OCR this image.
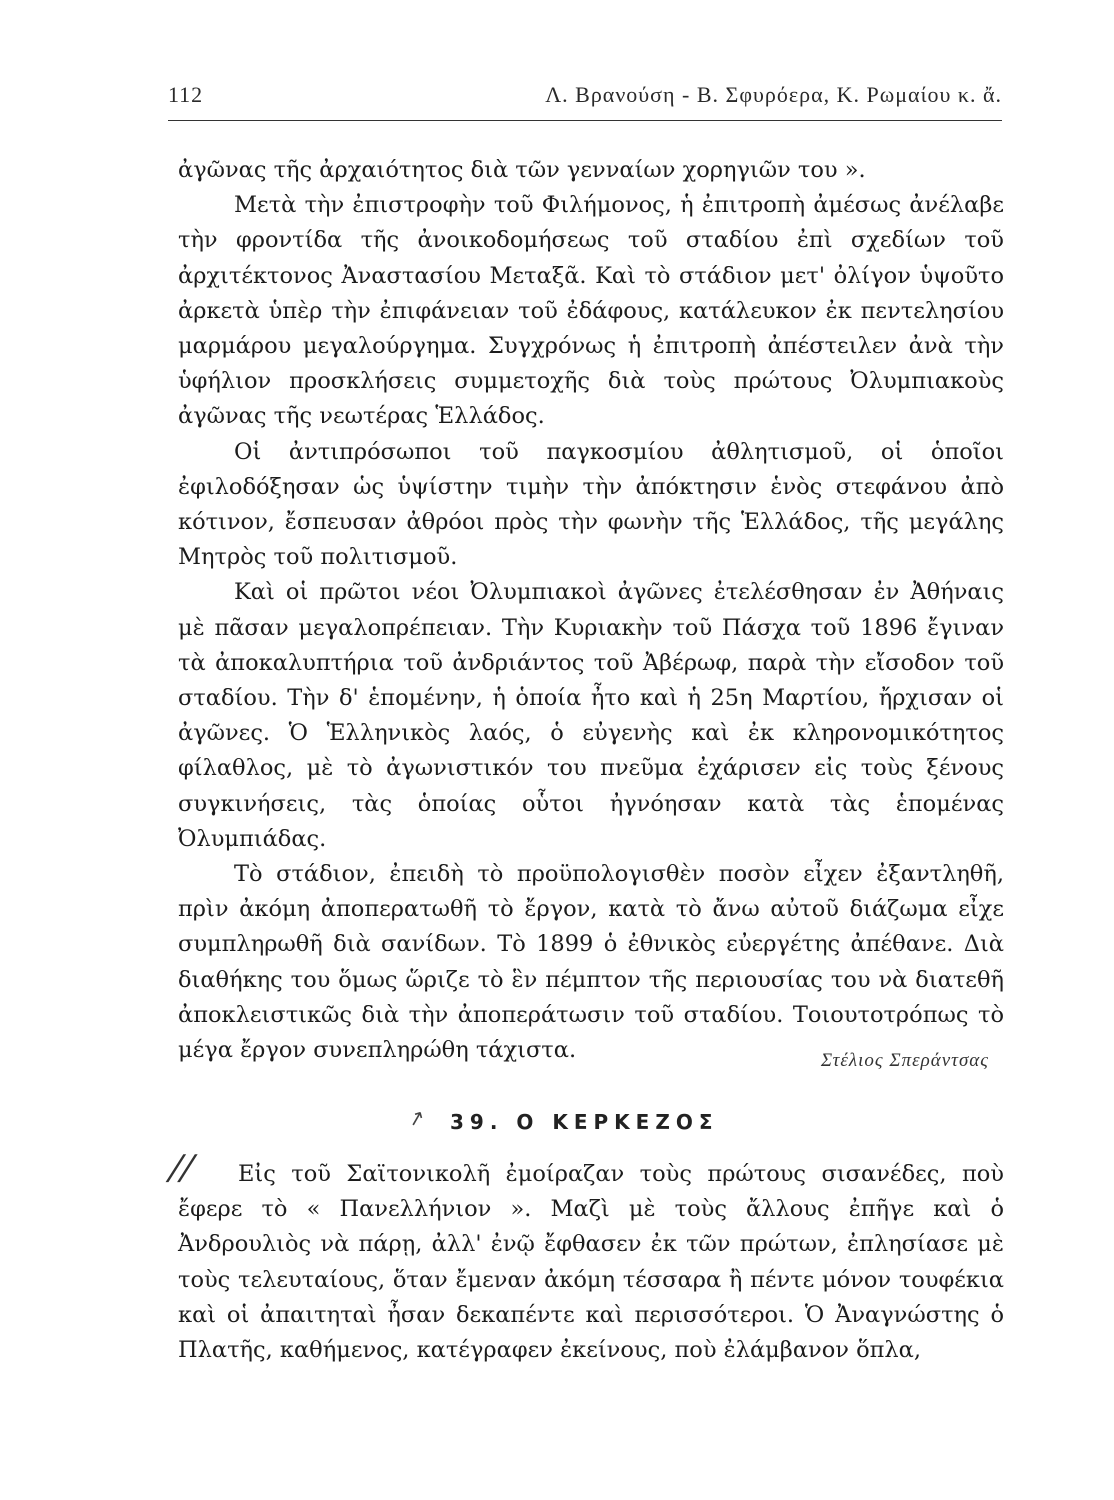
112	Λ. Βρανούση - Β. Σφυρόερα, Κ. Ρωμαίου κ. ἄ.

ἀγῶνας τῆς ἀρχαιότητος διὰ τῶν γενναίων χορηγιῶν του ».

Μετὰ τὴν ἐπιστροφὴν τοῦ Φιλήμονος, ἡ ἐπιτροπὴ ἀμέσως ἀνέλαβε τὴν φροντίδα τῆς ἀνοικοδομήσεως τοῦ σταδίου ἐπὶ σχεδίων τοῦ ἀρχιτέκτονος Ἀναστασίου Μεταξᾶ. Καὶ τὸ στάδιον μετ' ὀλίγον ὑψοῦτο ἀρκετὰ ὑπὲρ τὴν ἐπιφάνειαν τοῦ ἐδάφους, κατάλευκον ἐκ πεντελησίου μαρμάρου μεγαλούργημα. Συγχρόνως ἡ ἐπιτροπὴ ἀπέστειλεν ἀνὰ τὴν ὑφήλιον προσκλήσεις συμμετοχῆς διὰ τοὺς πρώτους Ὀλυμπιακοὺς ἀγῶνας τῆς νεωτέρας Ἑλλάδος.

Οἱ ἀντιπρόσωποι τοῦ παγκοσμίου ἀθλητισμοῦ, οἱ ὁποῖοι ἐφιλοδόξησαν ὡς ὑψίστην τιμὴν τὴν ἀπόκτησιν ἑνὸς στεφάνου ἀπὸ κότινον, ἔσπευσαν ἀθρόοι πρὸς τὴν φωνὴν τῆς Ἑλλάδος, τῆς μεγάλης Μητρὸς τοῦ πολιτισμοῦ.

Καὶ οἱ πρῶτοι νέοι Ὀλυμπιακοὶ ἀγῶνες ἐτελέσθησαν ἐν Ἀθήναις μὲ πᾶσαν μεγαλοπρέπειαν. Τὴν Κυριακὴν τοῦ Πάσχα τοῦ 1896 ἔγιναν τὰ ἀποκαλυπτήρια τοῦ ἀνδριάντος τοῦ Ἀβέρωφ, παρὰ τὴν εἴσοδον τοῦ σταδίου. Τὴν δ' ἑπομένην, ἡ ὁποία ἦτο καὶ ἡ 25η Μαρτίου, ἤρχισαν οἱ ἀγῶνες. Ὁ Ἑλληνικὸς λαός, ὁ εὐγενὴς καὶ ἐκ κληρονομικότητος φίλαθλος, μὲ τὸ ἀγωνιστικόν του πνεῦμα ἐχάρισεν εἰς τοὺς ξένους συγκινήσεις, τὰς ὁποίας οὗτοι ἠγνόησαν κατὰ τὰς ἑπομένας Ὀλυμπιάδας.

Τὸ στάδιον, ἐπειδὴ τὸ προϋπολογισθὲν ποσὸν εἶχεν ἐξαντληθῆ, πρὶν ἀκόμη ἀποπερατωθῆ τὸ ἔργον, κατὰ τὸ ἄνω αὐτοῦ διάζωμα εἶχε συμπληρωθῆ διὰ σανίδων. Τὸ 1899 ὁ ἐθνικὸς εὐεργέτης ἀπέθανε. Διὰ διαθήκης του ὅμως ὥριζε τὸ ἓν πέμπτον τῆς περιουσίας του νὰ διατεθῆ ἀποκλειστικῶς διὰ τὴν ἀποπεράτωσιν τοῦ σταδίου. Τοιουτοτρόπως τὸ μέγα ἔργον συνεπληρώθη τάχιστα.	Στέλιος Σπεράντσας
↗ 39. Ο ΚΕΡΚΕΖΟΣ
//	Εἰς τοῦ Σαϊτονικολῆ ἐμοίραζαν τοὺς πρώτους σισανέδες, ποὺ ἔφερε τὸ « Πανελλήνιον ». Μαζὶ μὲ τοὺς ἄλλους ἐπῆγε καὶ ὁ Ἀνδρουλιὸς νὰ πάρῃ, ἀλλ' ἐνῷ ἔφθασεν ἐκ τῶν πρώτων, ἐπλησίασε μὲ τοὺς τελευταίους, ὅταν ἔμεναν ἀκόμη τέσσαρα ἢ πέντε μόνον τουφέκια καὶ οἱ ἀπαιτηταὶ ἦσαν δεκαπέντε καὶ περισσότεροι. Ὁ Ἀναγνώστης ὁ Πλατῆς, καθήμενος, κατέγραφεν ἐκείνους, ποὺ ἐλάμβανον ὅπλα,
